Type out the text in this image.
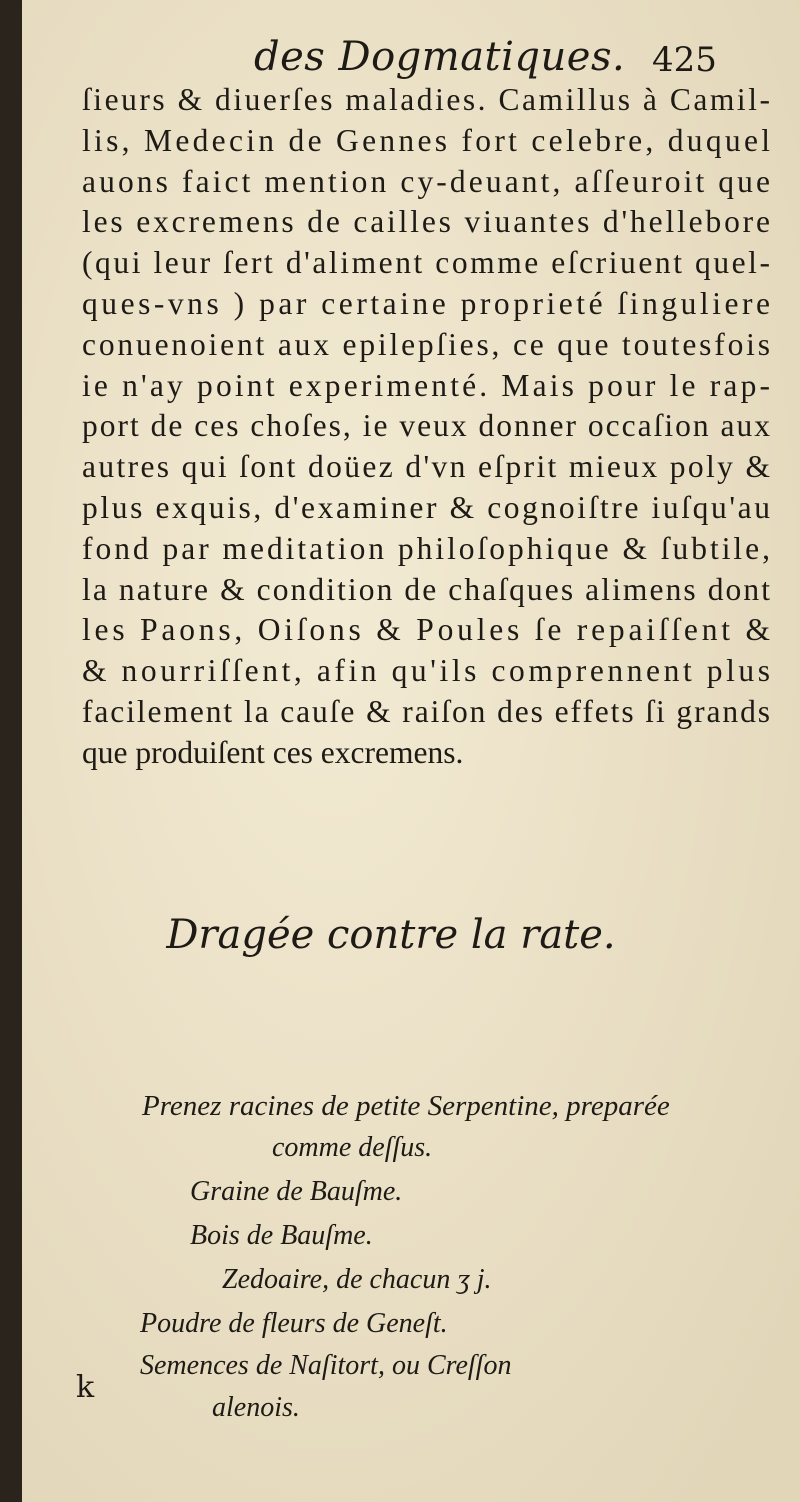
des Dogmatiques. 425
ſieurs & diuerſes maladies. Camillus à Camil-
lis, Medecin de Gennes fort celebre, duquel
auons faict mention cy-deuant, aſſeuroit que
les excremens de cailles viuantes d'hellebore
(qui leur ſert d'aliment comme eſcriuent quel-
ques-vns ) par certaine proprieté ſinguliere
conuenoient aux epilepſies, ce que toutesfois
ie n'ay point experimenté. Mais pour le rap-
port de ces choſes, ie veux donner occaſion aux
autres qui ſont doüez d'vn eſprit mieux poly &
plus exquis, d'examiner & cognoiſtre iuſqu'au
fond par meditation philoſophique & ſubtile,
la nature & condition de chaſques alimens dont
les Paons, Oiſons & Poules ſe repaiſſent &
& nourriſſent, afin qu'ils comprennent plus
facilement la cauſe & raiſon des effets ſi grands
que produiſent ces excremens.
Dragée contre la rate.
Prenez racines de petite Serpentine, preparée
comme deſſus.
Graine de Bauſme.
Bois de Bauſme.
Zedoaire, de chacun ʒ j.
Poudre de fleurs de Geneſt.
Semences de Naſitort, ou Creſſon
alenois.
k
